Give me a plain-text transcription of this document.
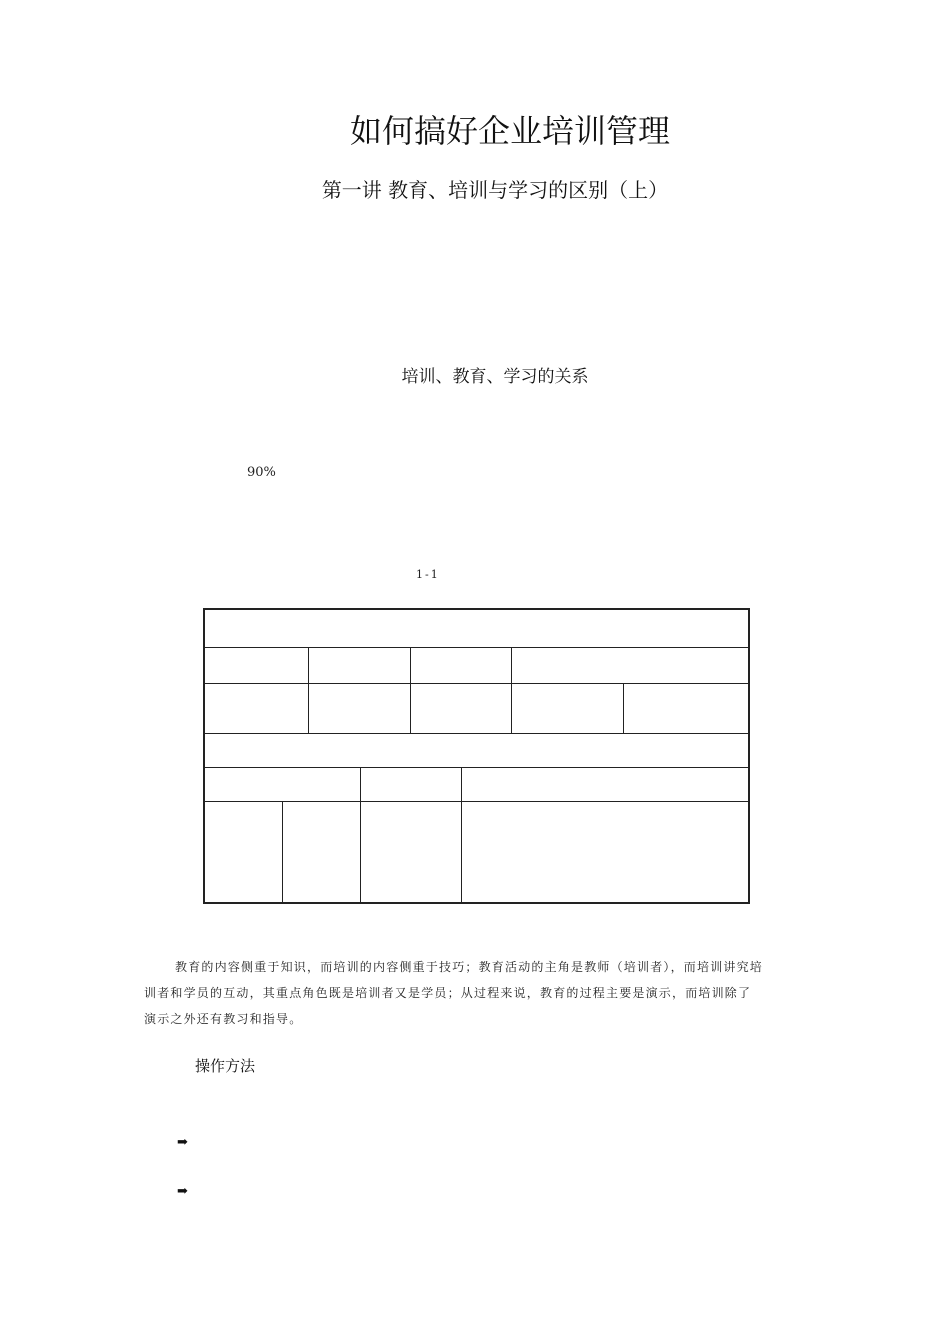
如何搞好企业培训管理
第一讲 教育、培训与学习的区别（上）
培训、教育、学习的关系
90%
1-1

教育的内容侧重于知识，而培训的内容侧重于技巧；教育活动的主角是教师（培训者），而培训讲究培
训者和学员的互动，其重点角色既是培训者又是学员；从过程来说，教育的过程主要是演示，而培训除了
演示之外还有教习和指导。
操作方法
➡
➡
